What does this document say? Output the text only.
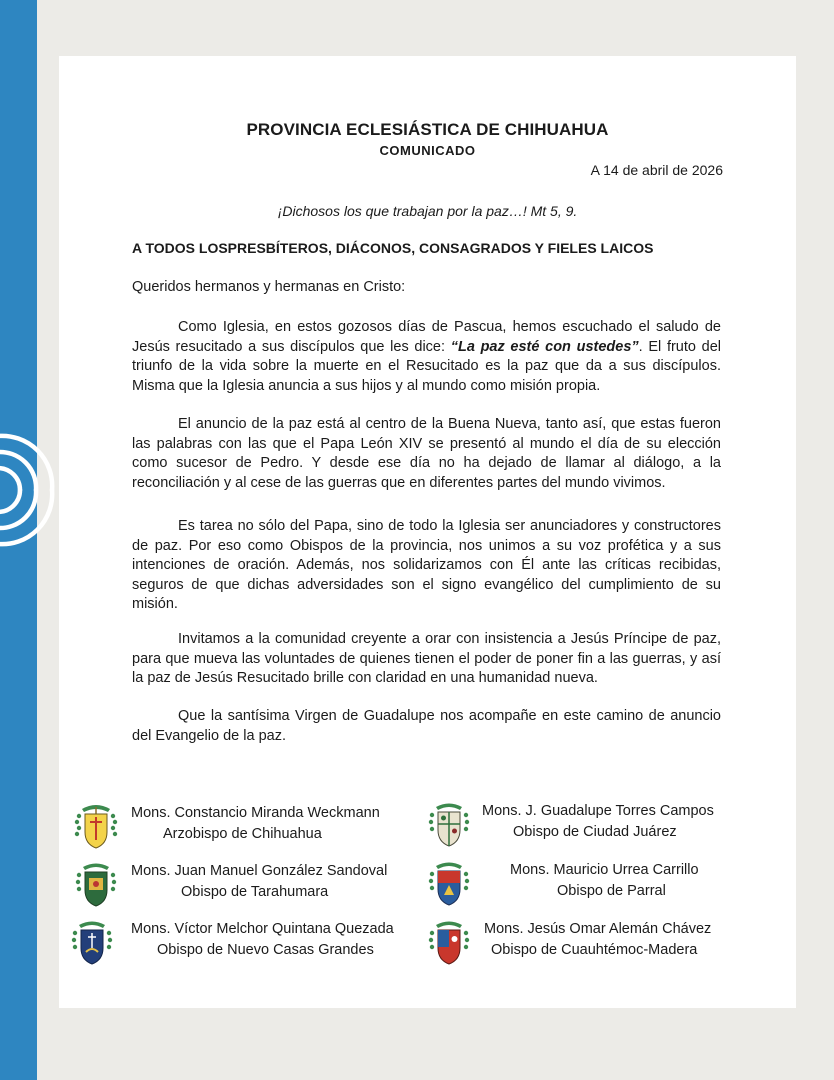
PROVINCIA ECLESIÁSTICA DE CHIHUAHUA
COMUNICADO
A 14 de abril de 2026
¡Dichosos los que trabajan por la paz…! Mt 5, 9.
A TODOS LOSPRESBÍTEROS, DIÁCONOS, CONSAGRADOS Y FIELES LAICOS
Queridos hermanos y hermanas en Cristo:

Como Iglesia, en estos gozosos días de Pascua, hemos escuchado el saludo de Jesús resucitado a sus discípulos que les dice: “La paz esté con ustedes”. El fruto del triunfo de la vida sobre la muerte en el Resucitado es la paz que da a sus discípulos. Misma que la Iglesia anuncia a sus hijos y al mundo como misión propia.

El anuncio de la paz está al centro de la Buena Nueva, tanto así, que estas fueron las palabras con las que el Papa León XIV se presentó al mundo el día de su elección como sucesor de Pedro. Y desde ese día no ha dejado de llamar al diálogo, a la reconciliación y al cese de las guerras que en diferentes partes del mundo vivimos.

Es tarea no sólo del Papa, sino de todo la Iglesia ser anunciadores y constructores de paz. Por eso como Obispos de la provincia, nos unimos a su voz profética y a sus intenciones de oración. Además, nos solidarizamos con Él ante las críticas recibidas, seguros de que dichas adversidades son el signo evangélico del cumplimiento de su misión.

Invitamos a la comunidad creyente a orar con insistencia a Jesús Príncipe de paz, para que mueva las voluntades de quienes tienen el poder de poner fin a las guerras, y así la paz de Jesús Resucitado brille con claridad en una humanidad nueva.

Que la santísima Virgen de Guadalupe nos acompañe en este camino de anuncio del Evangelio de la paz.

Mons. Constancio Miranda Weckmann
Arzobispo de Chihuahua
Mons. J. Guadalupe Torres Campos
Obispo de Ciudad Juárez
Mons. Juan Manuel González Sandoval
Obispo de Tarahumara
Mons. Mauricio Urrea Carrillo
Obispo de Parral
Mons. Víctor Melchor Quintana Quezada
Obispo de Nuevo Casas Grandes
Mons. Jesús Omar Alemán Chávez
Obispo de Cuauhtémoc-Madera
